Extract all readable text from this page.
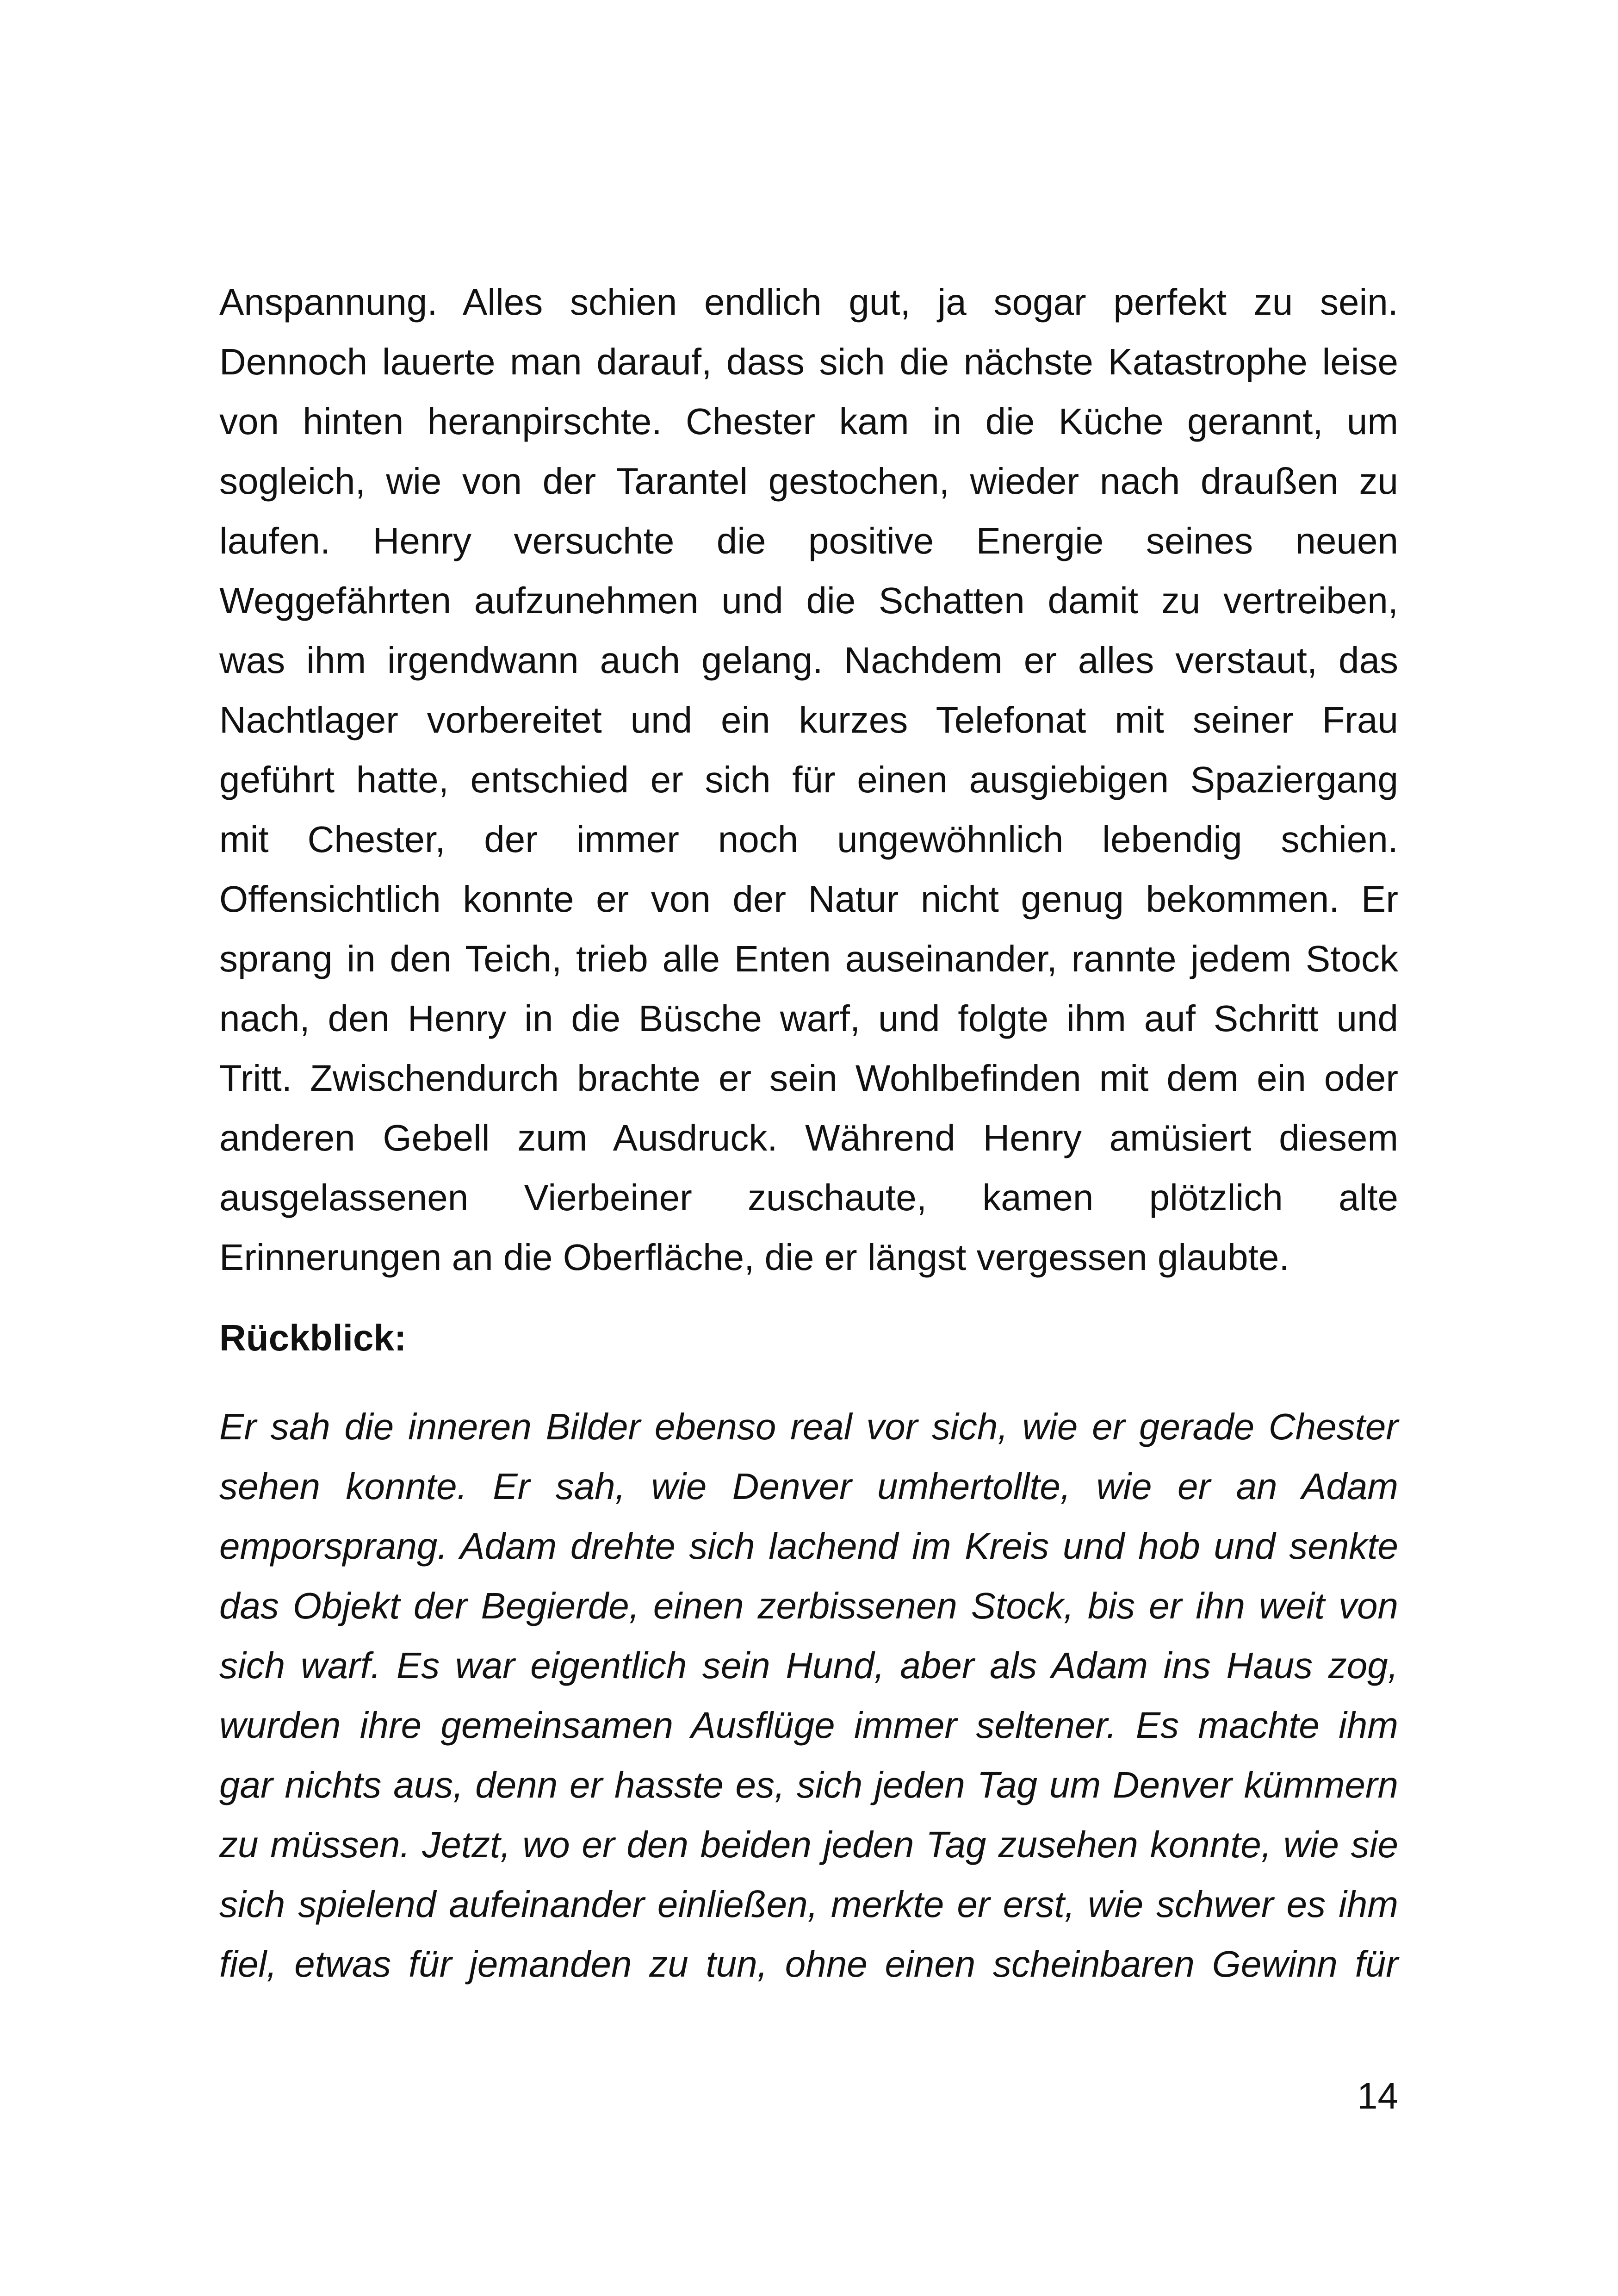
Anspannung. Alles schien endlich gut, ja sogar perfekt zu sein.
Dennoch lauerte man darauf, dass sich die nächste Katastrophe leise
von hinten heranpirschte. Chester kam in die Küche gerannt, um
sogleich, wie von der Tarantel gestochen, wieder nach draußen zu
laufen. Henry versuchte die positive Energie seines neuen
Weggefährten aufzunehmen und die Schatten damit zu vertreiben,
was ihm irgendwann auch gelang. Nachdem er alles verstaut, das
Nachtlager vorbereitet und ein kurzes Telefonat mit seiner Frau
geführt hatte, entschied er sich für einen ausgiebigen Spaziergang
mit Chester, der immer noch ungewöhnlich lebendig schien.
Offensichtlich konnte er von der Natur nicht genug bekommen. Er
sprang in den Teich, trieb alle Enten auseinander, rannte jedem Stock
nach, den Henry in die Büsche warf, und folgte ihm auf Schritt und
Tritt. Zwischendurch brachte er sein Wohlbefinden mit dem ein oder
anderen Gebell zum Ausdruck. Während Henry amüsiert diesem
ausgelassenen Vierbeiner zuschaute, kamen plötzlich alte
Erinnerungen an die Oberfläche, die er längst vergessen glaubte.
Rückblick:
Er sah die inneren Bilder ebenso real vor sich, wie er gerade Chester
sehen konnte. Er sah, wie Denver umhertollte, wie er an Adam
emporsprang. Adam drehte sich lachend im Kreis und hob und senkte
das Objekt der Begierde, einen zerbissenen Stock, bis er ihn weit von
sich warf. Es war eigentlich sein Hund, aber als Adam ins Haus zog,
wurden ihre gemeinsamen Ausflüge immer seltener. Es machte ihm
gar nichts aus, denn er hasste es, sich jeden Tag um Denver kümmern
zu müssen. Jetzt, wo er den beiden jeden Tag zusehen konnte, wie sie
sich spielend aufeinander einließen, merkte er erst, wie schwer es ihm
fiel, etwas für jemanden zu tun, ohne einen scheinbaren Gewinn für
14
